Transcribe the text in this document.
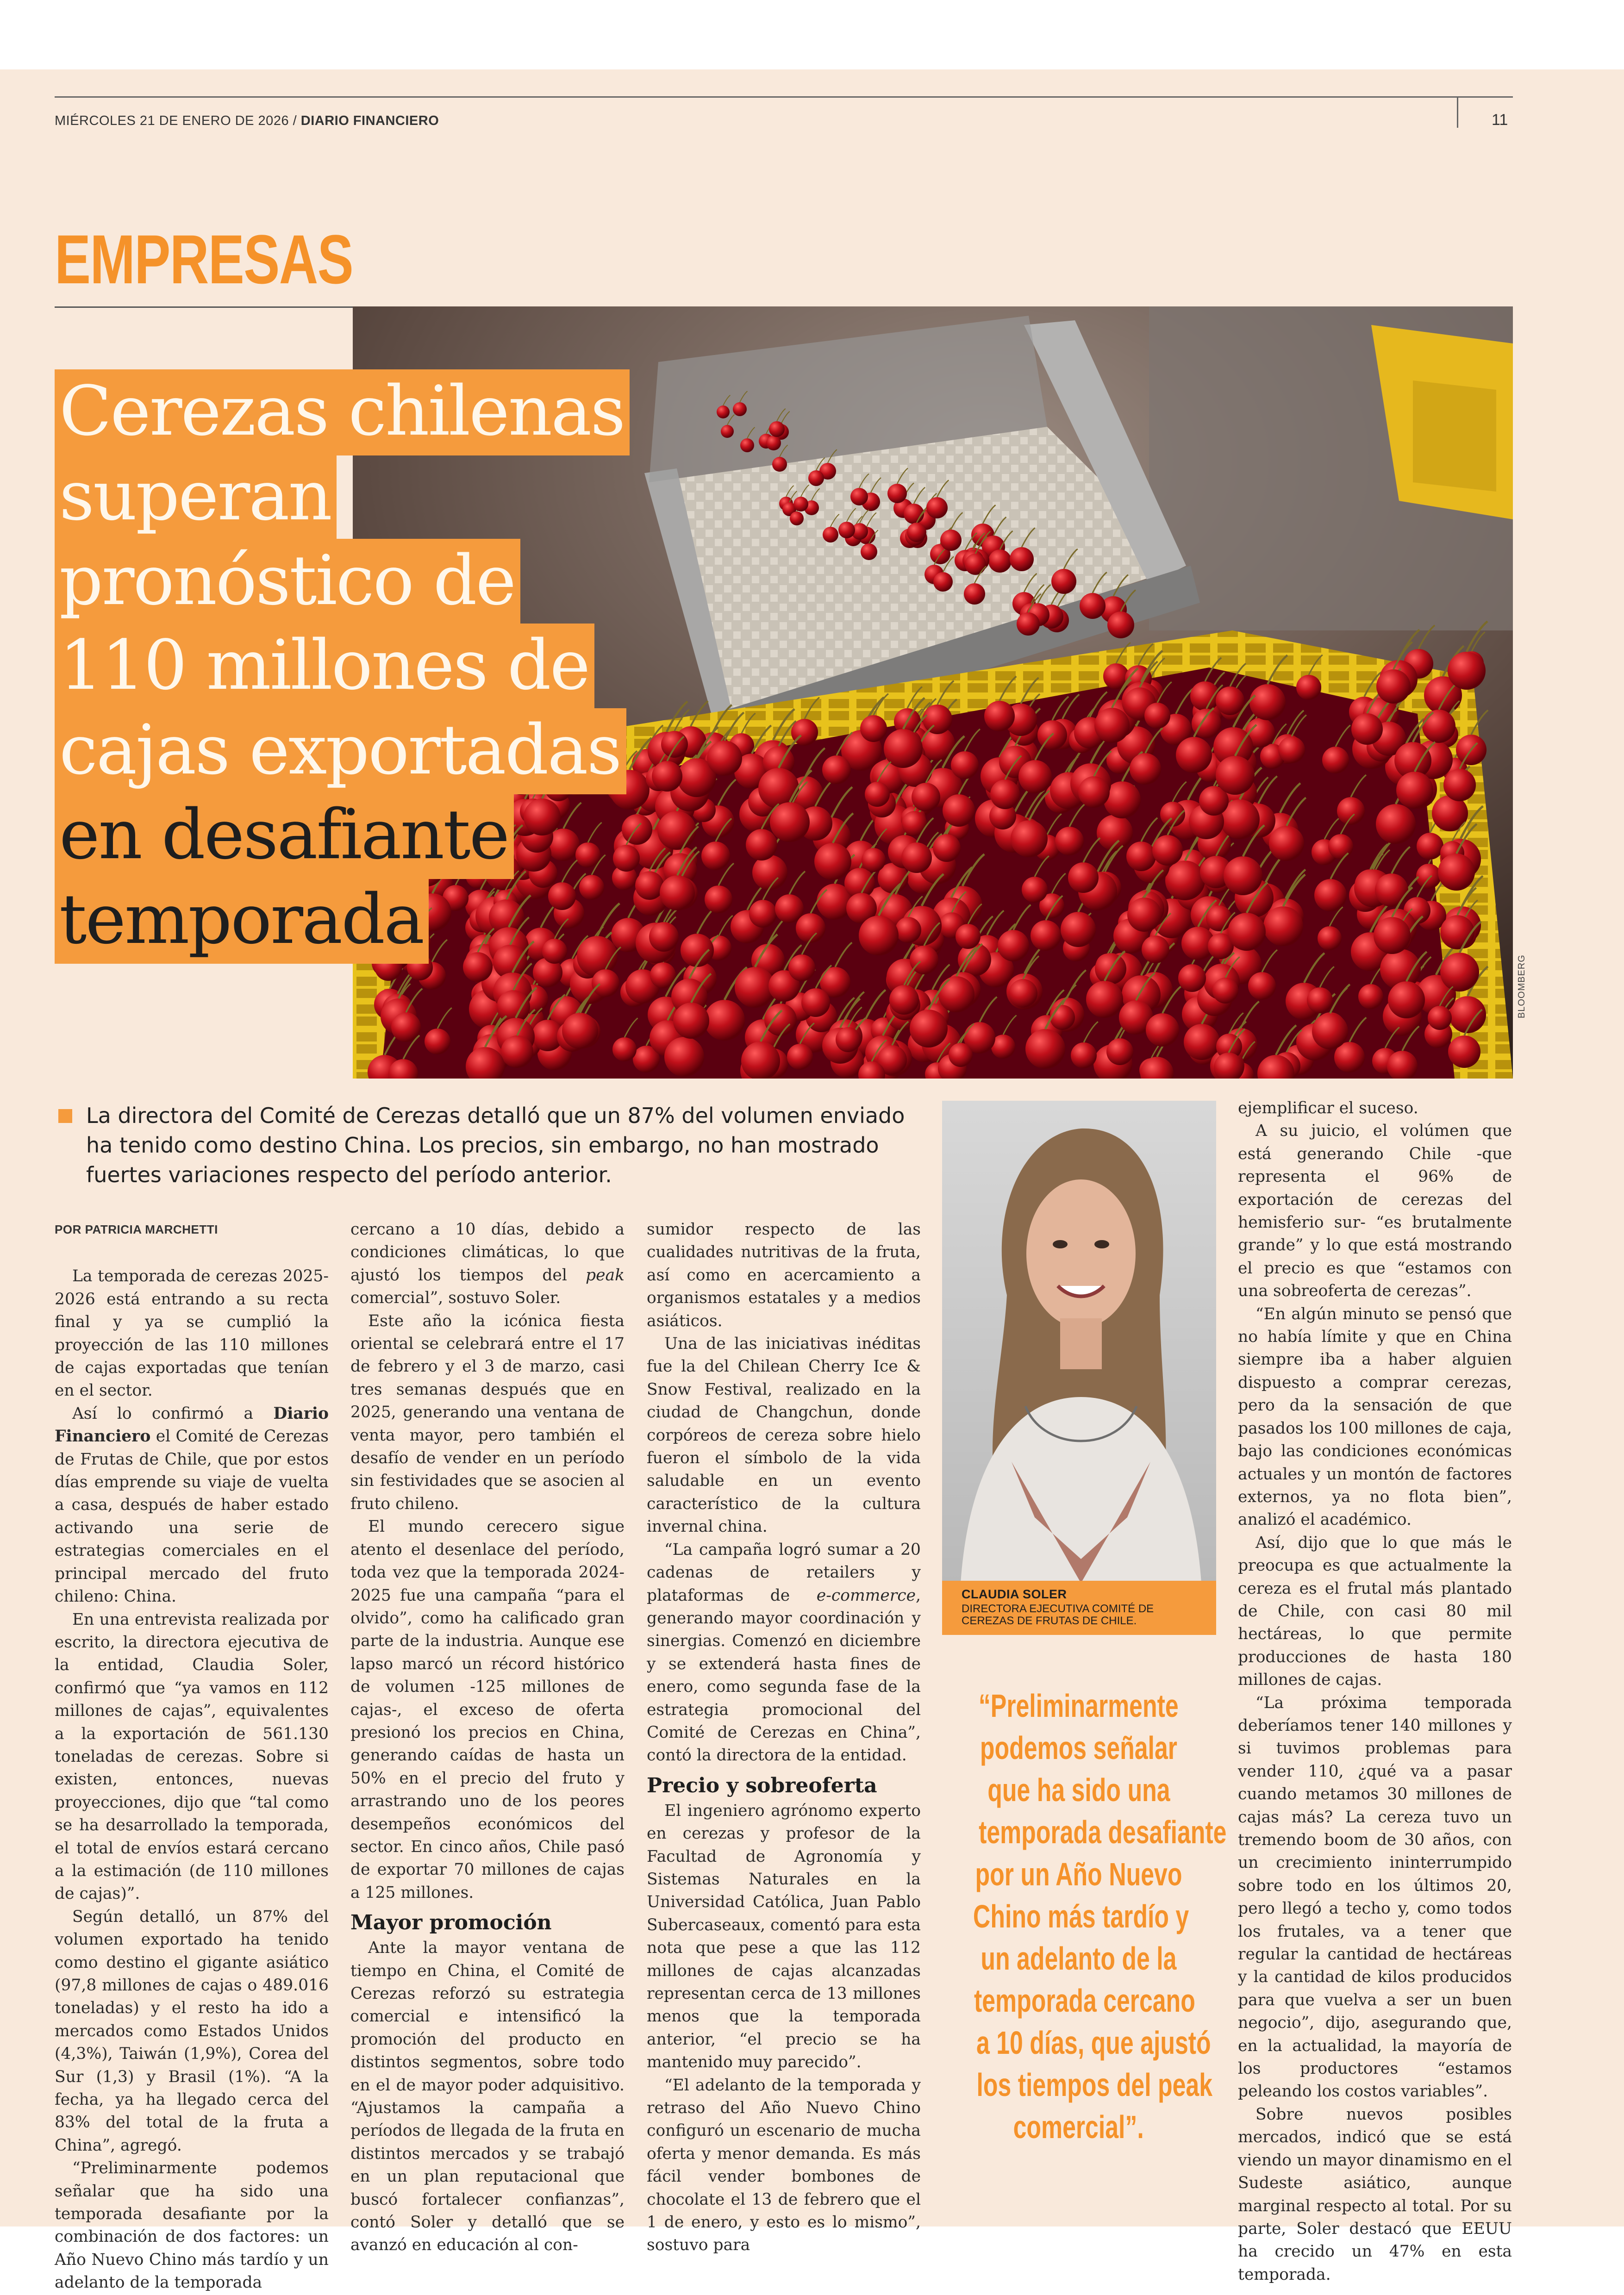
MIÉRCOLES 21 DE ENERO DE 2026 / DIARIO FINANCIERO	11
EMPRESAS
BLOOMBERG
Cerezas chilenas
superan
pronóstico de
110 millones de
cajas exportadas
en desafiante
temporada

La directora del Comité de Cerezas detalló que un 87% del volumen enviado ha tenido como destino China. Los precios, sin embargo, no han mostrado fuertes variaciones respecto del período anterior.

POR PATRICIA MARCHETTI

La temporada de cerezas 2025-2026 está entrando a su recta final y ya se cumplió la proyección de las 110 millones de cajas exportadas que tenían en el sector.

Así lo confirmó a Diario Financiero el Comité de Cerezas de Frutas de Chile, que por estos días emprende su viaje de vuelta a casa, después de haber estado activando una serie de estrategias comerciales en el principal mercado del fruto chileno: China.

En una entrevista realizada por escrito, la directora ejecutiva de la entidad, Claudia Soler, confirmó que “ya vamos en 112 millones de cajas”, equivalentes a la exportación de 561.130 toneladas de cerezas. Sobre si existen, entonces, nuevas proyecciones, dijo que “tal como se ha desarrollado la temporada, el total de envíos estará cercano a la estimación (de 110 millones de cajas)”.

Según detalló, un 87% del volumen exportado ha tenido como destino el gigante asiático (97,8 millones de cajas o 489.016 toneladas) y el resto ha ido a mercados como Estados Unidos (4,3%), Taiwán (1,9%), Corea del Sur (1,3) y Brasil (1%). “A la fecha, ya ha llegado cerca del 83% del total de la fruta a China”, agregó.

“Preliminarmente podemos señalar que ha sido una temporada desafiante por la combinación de dos factores: un Año Nuevo Chino más tardío y un adelanto de la temporada

cercano a 10 días, debido a condiciones climáticas, lo que ajustó los tiempos del peak comercial”, sostuvo Soler.

Este año la icónica fiesta oriental se celebrará entre el 17 de febrero y el 3 de marzo, casi tres semanas después que en 2025, generando una ventana de venta mayor, pero también el desafío de vender en un período sin festividades que se asocien al fruto chileno.

El mundo cerecero sigue atento el desenlace del período, toda vez que la temporada 2024-2025 fue una campaña “para el olvido”, como ha calificado gran parte de la industria. Aunque ese lapso marcó un récord histórico de volumen -125 millones de cajas-, el exceso de oferta presionó los precios en China, generando caídas de hasta un 50% en el precio del fruto y arrastrando uno de los peores desempeños económicos del sector. En cinco años, Chile pasó de exportar 70 millones de cajas a 125 millones.

Mayor promoción

Ante la mayor ventana de tiempo en China, el Comité de Cerezas reforzó su estrategia comercial e intensificó la promoción del producto en distintos segmentos, sobre todo en el de mayor poder adquisitivo. “Ajustamos la campaña a períodos de llegada de la fruta en distintos mercados y se trabajó en un plan reputacional que buscó fortalecer confianzas”, contó Soler y detalló que se avanzó en educación al con-

sumidor respecto de las cualidades nutritivas de la fruta, así como en acercamiento a organismos estatales y a medios asiáticos.

Una de las iniciativas inéditas fue la del Chilean Cherry Ice & Snow Festival, realizado en la ciudad de Changchun, donde corpóreos de cereza sobre hielo fueron el símbolo de la vida saludable en un evento característico de la cultura invernal china.

“La campaña logró sumar a 20 cadenas de retailers y plataformas de e-commerce, generando mayor coordinación y sinergias. Comenzó en diciembre y se extenderá hasta fines de enero, como segunda fase de la estrategia promocional del Comité de Cerezas en China”, contó la directora de la entidad.

Precio y sobreoferta

El ingeniero agrónomo experto en cerezas y profesor de la Facultad de Agronomía y Sistemas Naturales en la Universidad Católica, Juan Pablo Subercaseaux, comentó para esta nota que pese a que las 112 millones de cajas alcanzadas representan cerca de 13 millones menos que la temporada anterior, “el precio se ha mantenido muy parecido”.

“El adelanto de la temporada y retraso del Año Nuevo Chino configuró un escenario de mucha oferta y menor demanda. Es más fácil vender bombones de chocolate el 13 de febrero que el 1 de enero, y esto es lo mismo”, sostuvo para

CLAUDIA SOLER
DIRECTORA EJECUTIVA COMITÉ DE CEREZAS DE FRUTAS DE CHILE.
“Preliminarmente
podemos señalar
que ha sido una
temporada desafiante
por un Año Nuevo
Chino más tardío y
un adelanto de la
temporada cercano
a 10 días, que ajustó
los tiempos del peak
comercial”.

ejemplificar el suceso.

A su juicio, el volúmen que está generando Chile -que representa el 96% de exportación de cerezas del hemisferio sur- “es brutalmente grande” y lo que está mostrando el precio es que “estamos con una sobreoferta de cerezas”.

“En algún minuto se pensó que no había límite y que en China siempre iba a haber alguien dispuesto a comprar cerezas, pero da la sensación de que pasados los 100 millones de caja, bajo las condiciones económicas actuales y un montón de factores externos, ya no flota bien”, analizó el académico.

Así, dijo que lo que más le preocupa es que actualmente la cereza es el frutal más plantado de Chile, con casi 80 mil hectáreas, lo que permite producciones de hasta 180 millones de cajas.

“La próxima temporada deberíamos tener 140 millones y si tuvimos problemas para vender 110, ¿qué va a pasar cuando metamos 30 millones de cajas más? La cereza tuvo un tremendo boom de 30 años, con un crecimiento ininterrumpido sobre todo en los últimos 20, pero llegó a techo y, como todos los frutales, va a tener que regular la cantidad de hectáreas y la cantidad de kilos producidos para que vuelva a ser un buen negocio”, dijo, asegurando que, en la actualidad, la mayoría de los productores “estamos peleando los costos variables”.

Sobre nuevos posibles mercados, indicó que se está viendo un mayor dinamismo en el Sudeste asiático, aunque marginal respecto al total. Por su parte, Soler destacó que EEUU ha crecido un 47% en esta temporada.
